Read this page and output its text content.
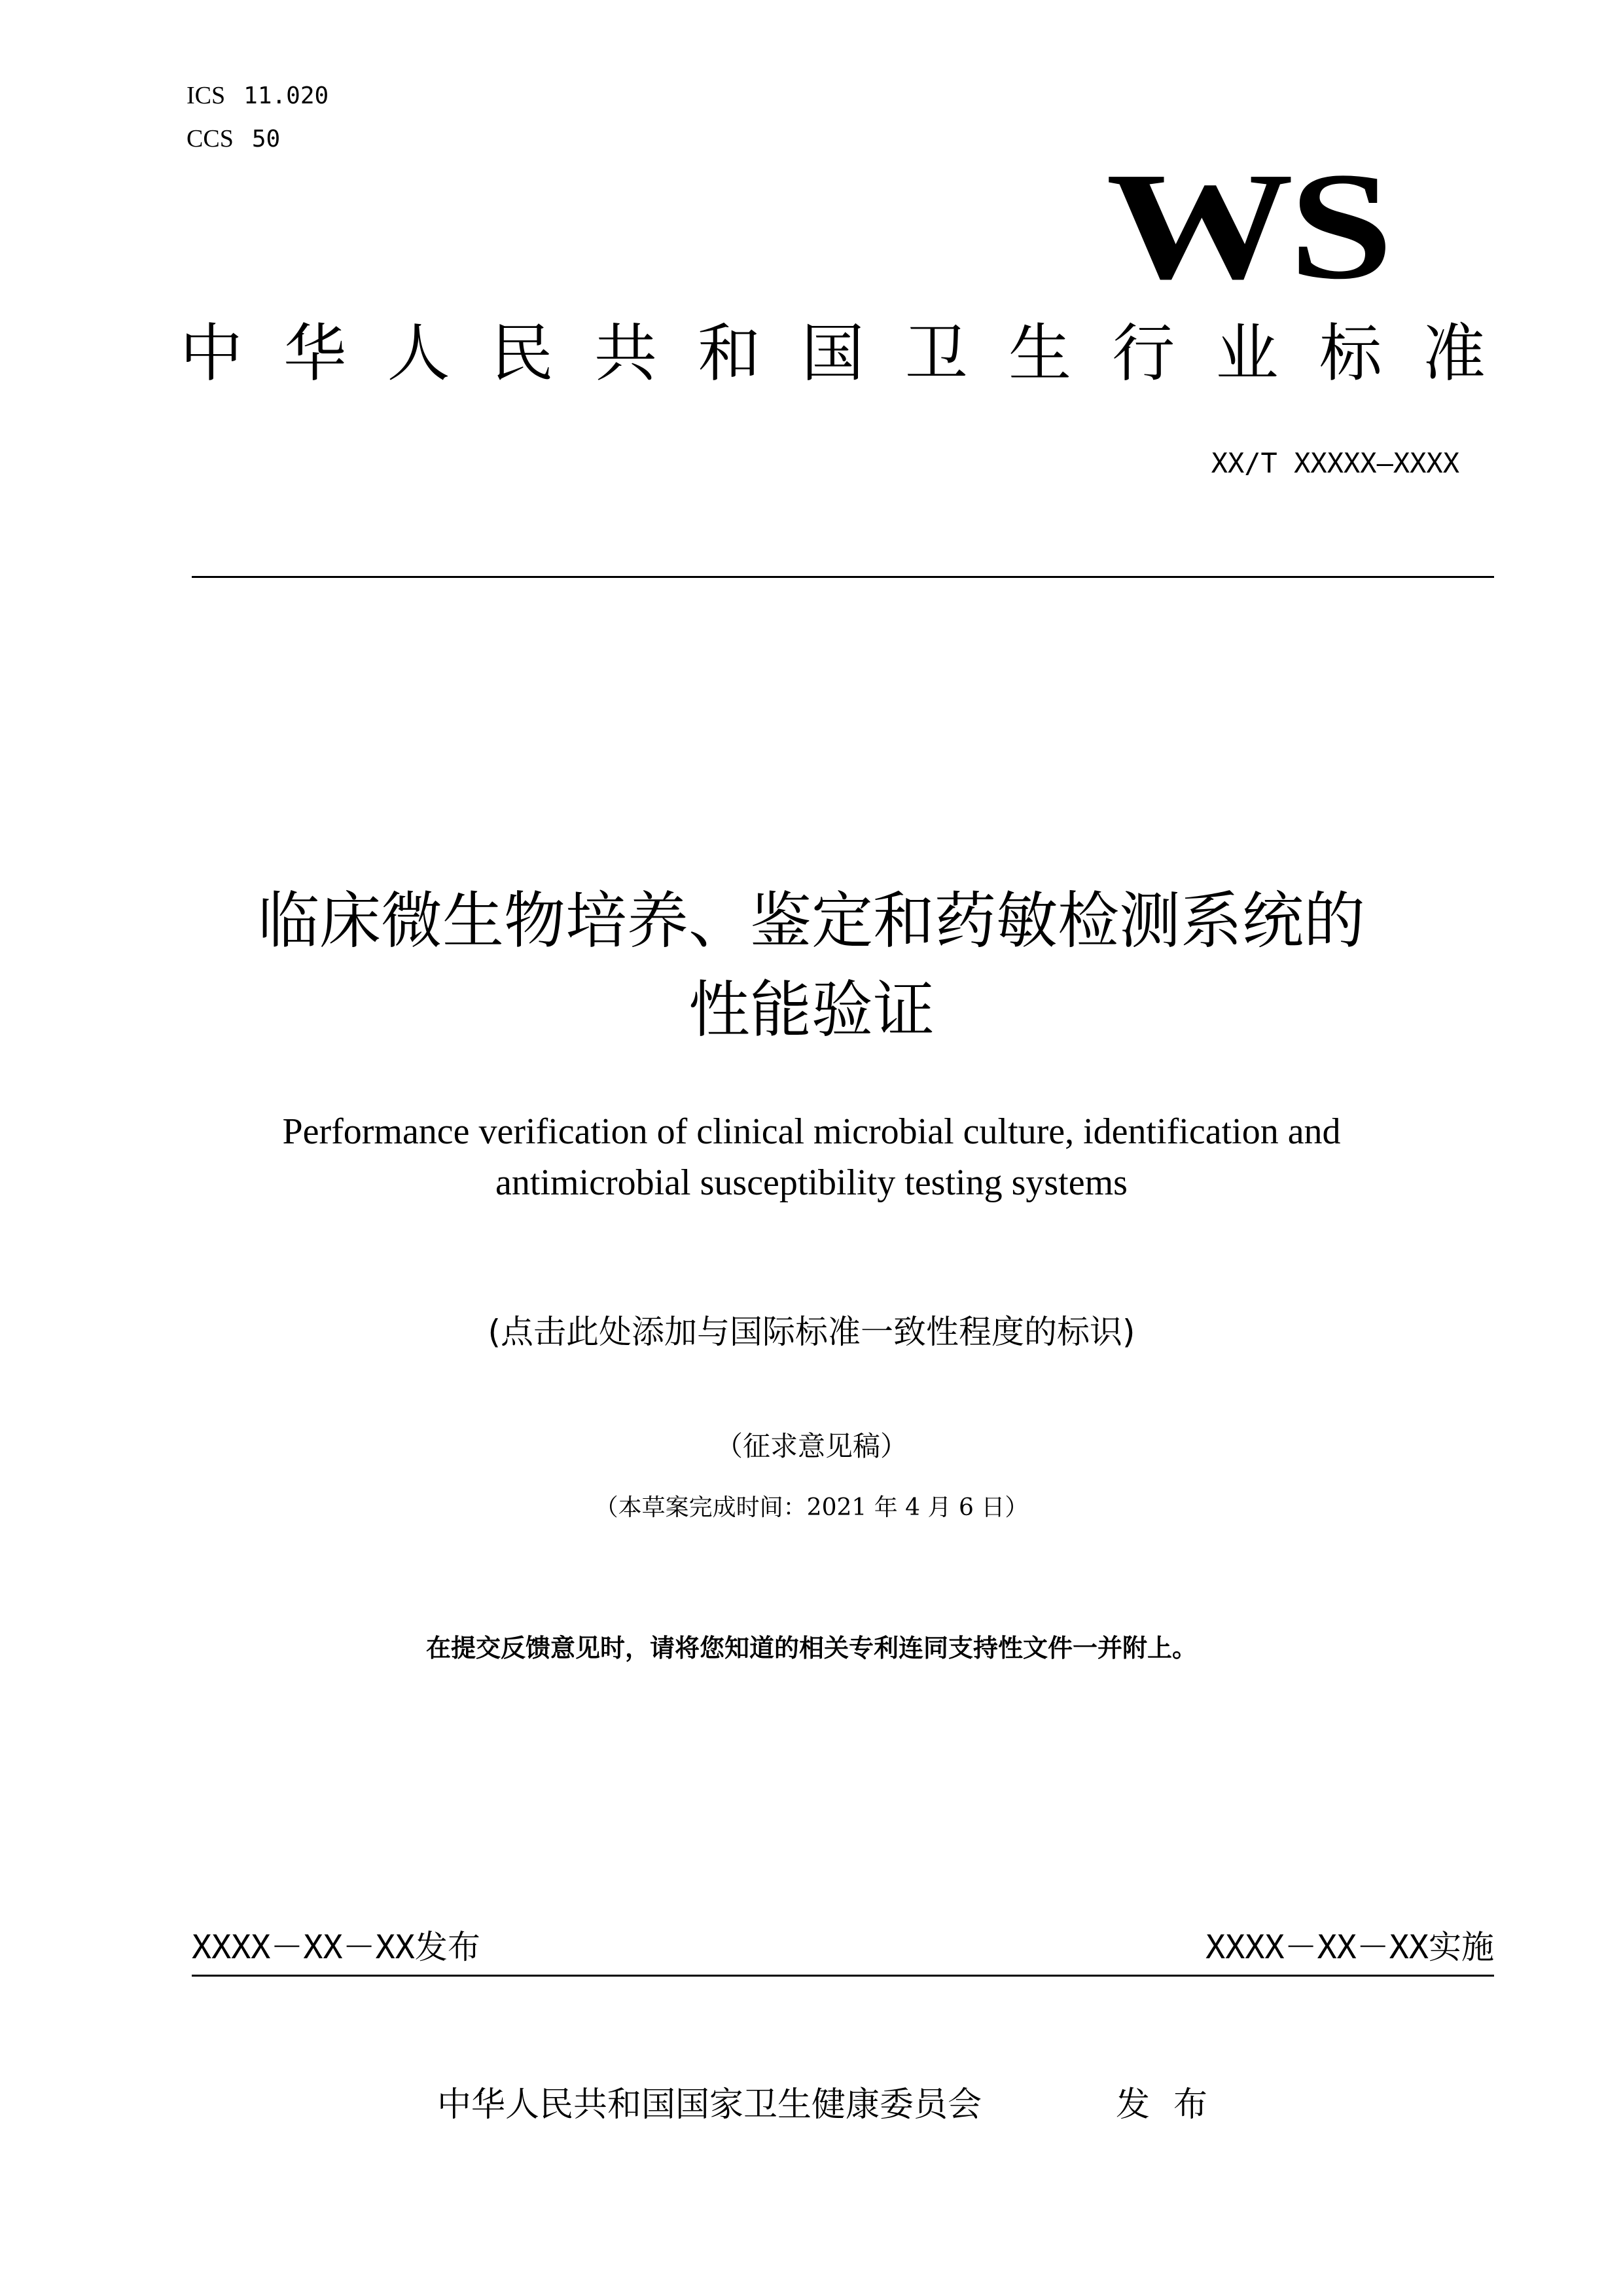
ICS 11.020
CCS 50
WS
中 华 人 民 共 和 国 卫 生 行 业 标 准
XX/T XXXXX—XXXX
临床微生物培养、鉴定和药敏检测系统的
性能验证
Performance verification of clinical microbial culture, identification and
antimicrobial susceptibility testing systems
(点击此处添加与国际标准一致性程度的标识)
（征求意见稿）
（本草案完成时间：2021 年 4 月 6 日）
在提交反馈意见时，请将您知道的相关专利连同支持性文件一并附上。
XXXX－XX－XX发布	XXXX－XX－XX实施
中华人民共和国国家卫生健康委员会	发布
